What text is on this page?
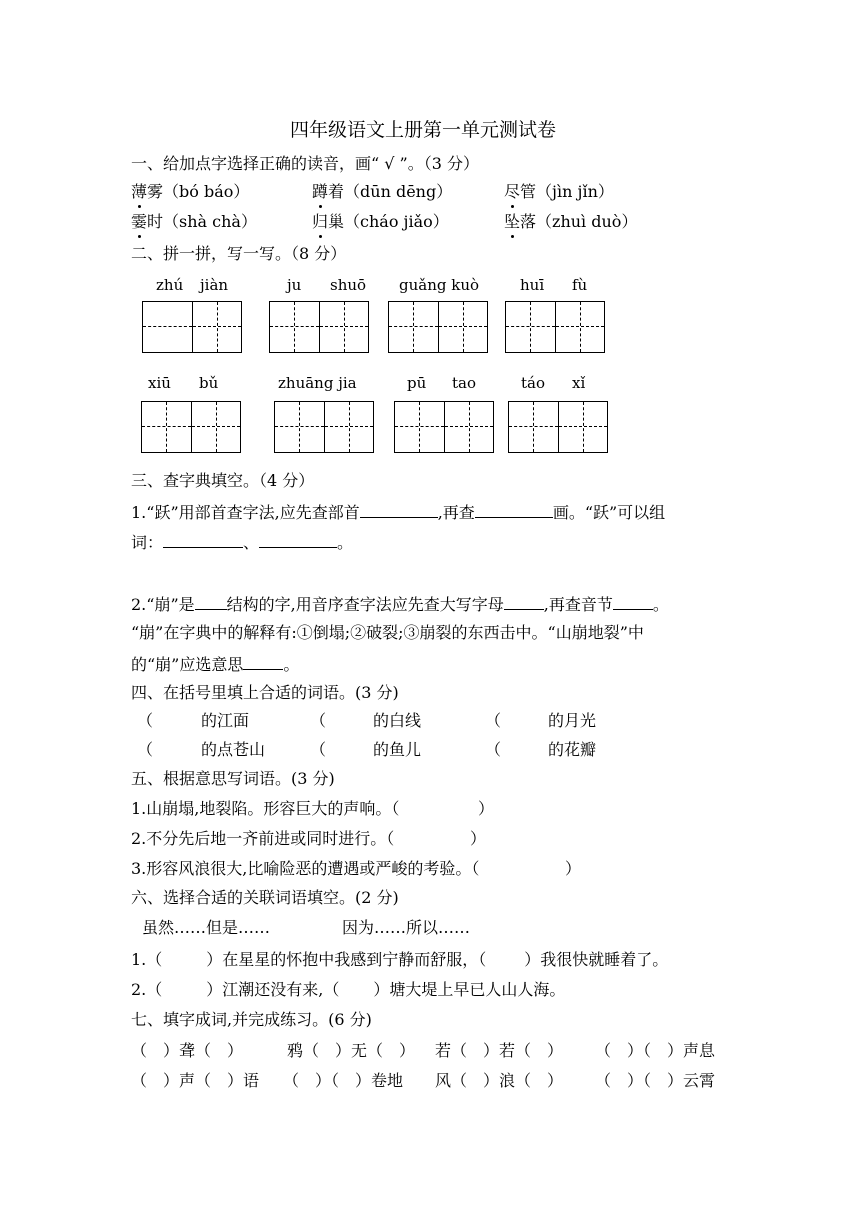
四年级语文上册第一单元测试卷
一、给加点字选择正确的读音，画“ √ ”。（3 分）
薄雾（bó báo）	蹲着（dūn dēng）	尽管（jìn jǐn）
霎时（shà chà）	归巢（cháo jiǎo）	坠落（zhuì duò）
二、拼一拼，写一写。（8 分）
zhú jiàn	ju shuō guǎng kuò	huī fù
xiū bǔ	zhuāng jia	pū tao	táo xǐ
三、查字典填空。（4 分）
1.“跃”用部首查字法,应先查部首	,再查	画。“跃”可以组
词：	、	。
2.“崩”是 结构的字,用音序查字法应先查大写字母	,再查音节	。
“崩”在字典中的解释有:①倒塌;②破裂;③崩裂的东西击中。“山崩地裂”中
的“崩”应选意思	。
四、在括号里填上合适的词语。(3 分)
（	的江面	（	的白线	（	的月光
（	的点苍山	（	的鱼儿	（	的花瓣
五、根据意思写词语。(3 分)
1.山崩塌,地裂陷。形容巨大的声响。（	）
2.不分先后地一齐前进或同时进行。（	）
3.形容风浪很大,比喻险恶的遭遇或严峻的考验。（	）
六、选择合适的关联词语填空。(2 分)
虽然……但是……	因为……所以……
1.（	）在星星的怀抱中我感到宁静而舒服，（ ）我很快就睡着了。
2.（	）江潮还没有来,（ ）塘大堤上早已人山人海。
七、填字成词,并完成练习。(6 分)
（　）聋（　）	鸦（　）无（　） 若（　）若（　） （　）（　）声息
（　）声（　）语 （　）（　）卷地 风（　）浪（　） （　）（　）云霄
